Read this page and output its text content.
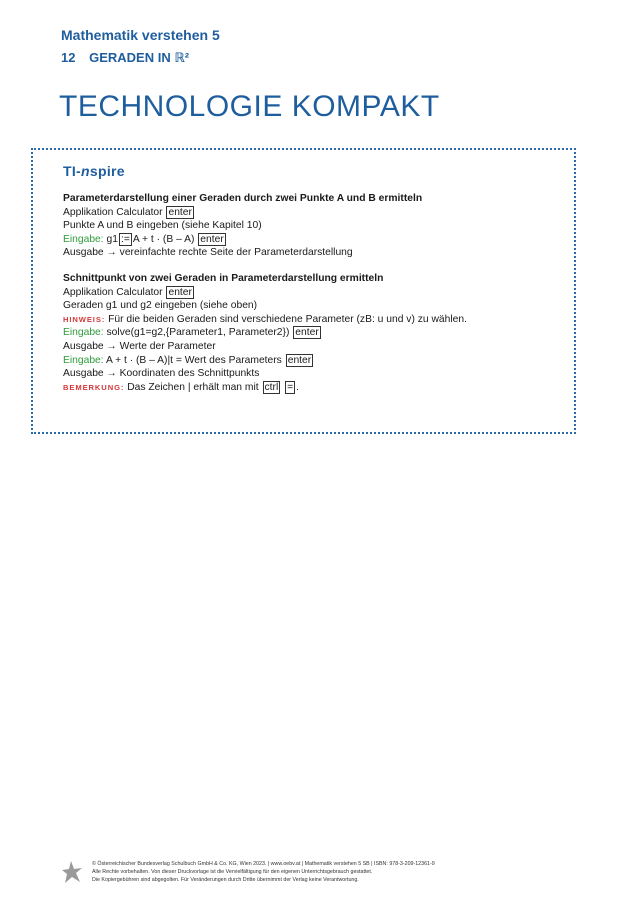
Mathematik verstehen 5
12 GERADEN IN ℝ²
TECHNOLOGIE KOMPAKT
TI-nspire
Parameterdarstellung einer Geraden durch zwei Punkte A und B ermitteln
Applikation Calculator enter
Punkte A und B eingeben (siehe Kapitel 10)
Eingabe: g1 := A + t · (B – A) enter
Ausgabe → vereinfachte rechte Seite der Parameterdarstellung
Schnittpunkt von zwei Geraden in Parameterdarstellung ermitteln
Applikation Calculator enter
Geraden g1 und g2 eingeben (siehe oben)
HINWEIS: Für die beiden Geraden sind verschiedene Parameter (zB: u und v) zu wählen.
Eingabe: solve(g1=g2,{Parameter1, Parameter2}) enter
Ausgabe → Werte der Parameter
Eingabe: A + t · (B – A)|t = Wert des Parameters enter
Ausgabe → Koordinaten des Schnittpunkts
BEMERKUNG: Das Zeichen | erhält man mit ctrl = .
© Österreichischer Bundesverlag Schulbuch GmbH & Co. KG, Wien 2023. | www.oebv.at | Mathematik verstehen 5 SB | ISBN: 978-3-209-12361-9
Alle Rechte vorbehalten. Von dieser Druckvorlage ist die Vervielfältigung für den eigenen Unterrichtsgebrauch gestattet.
Die Kopiergebühren sind abgegolten. Für Veränderungen durch Dritte übernimmt der Verlag keine Verantwortung.
